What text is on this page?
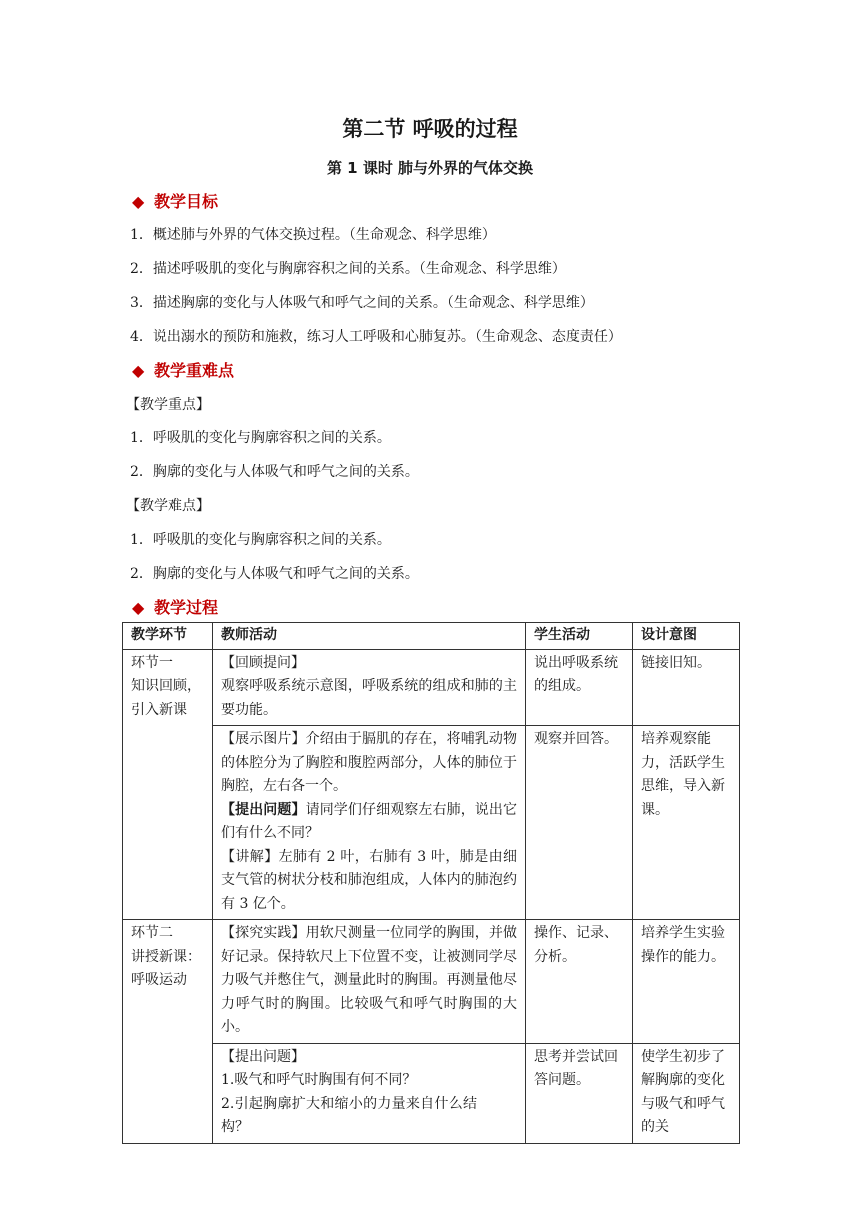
第二节 呼吸的过程
第 1 课时 肺与外界的气体交换
◆ 教学目标
1．概述肺与外界的气体交换过程。（生命观念、科学思维）
2．描述呼吸肌的变化与胸廓容积之间的关系。（生命观念、科学思维）
3．描述胸廓的变化与人体吸气和呼气之间的关系。（生命观念、科学思维）
4．说出溺水的预防和施救，练习人工呼吸和心肺复苏。（生命观念、态度责任）
◆ 教学重难点
【教学重点】
1．呼吸肌的变化与胸廓容积之间的关系。
2．胸廓的变化与人体吸气和呼气之间的关系。
【教学难点】
1．呼吸肌的变化与胸廓容积之间的关系。
2．胸廓的变化与人体吸气和呼气之间的关系。
◆ 教学过程
教学环节	教师活动	学生活动	设计意图
环节一
知识回顾，引入新课	【回顾提问】
观察呼吸系统示意图，呼吸系统的组成和肺的主要功能。	说出呼吸系统的组成。	链接旧知。

	【展示图片】介绍由于膈肌的存在，将哺乳动物的体腔分为了胸腔和腹腔两部分，人体的肺位于胸腔，左右各一个。
【提出问题】请同学们仔细观察左右肺，说出它们有什么不同？
【讲解】左肺有 2 叶，右肺有 3 叶，肺是由细支气管的树状分枝和肺泡组成，人体内的肺泡约有 3 亿个。	观察并回答。	培养观察能力，活跃学生思维，导入新课。
环节二
讲授新课：呼吸运动	【探究实践】用软尺测量一位同学的胸围，并做好记录。保持软尺上下位置不变，让被测同学尽力吸气并憋住气，测量此时的胸围。再测量他尽力呼气时的胸围。比较吸气和呼气时胸围的大小。	操作、记录、分析。	培养学生实验操作的能力。

	【提出问题】
1.吸气和呼气时胸围有何不同？
2.引起胸廓扩大和缩小的力量来自什么结构？	思考并尝试回答问题。	使学生初步了解胸廓的变化与吸气和呼气的关
